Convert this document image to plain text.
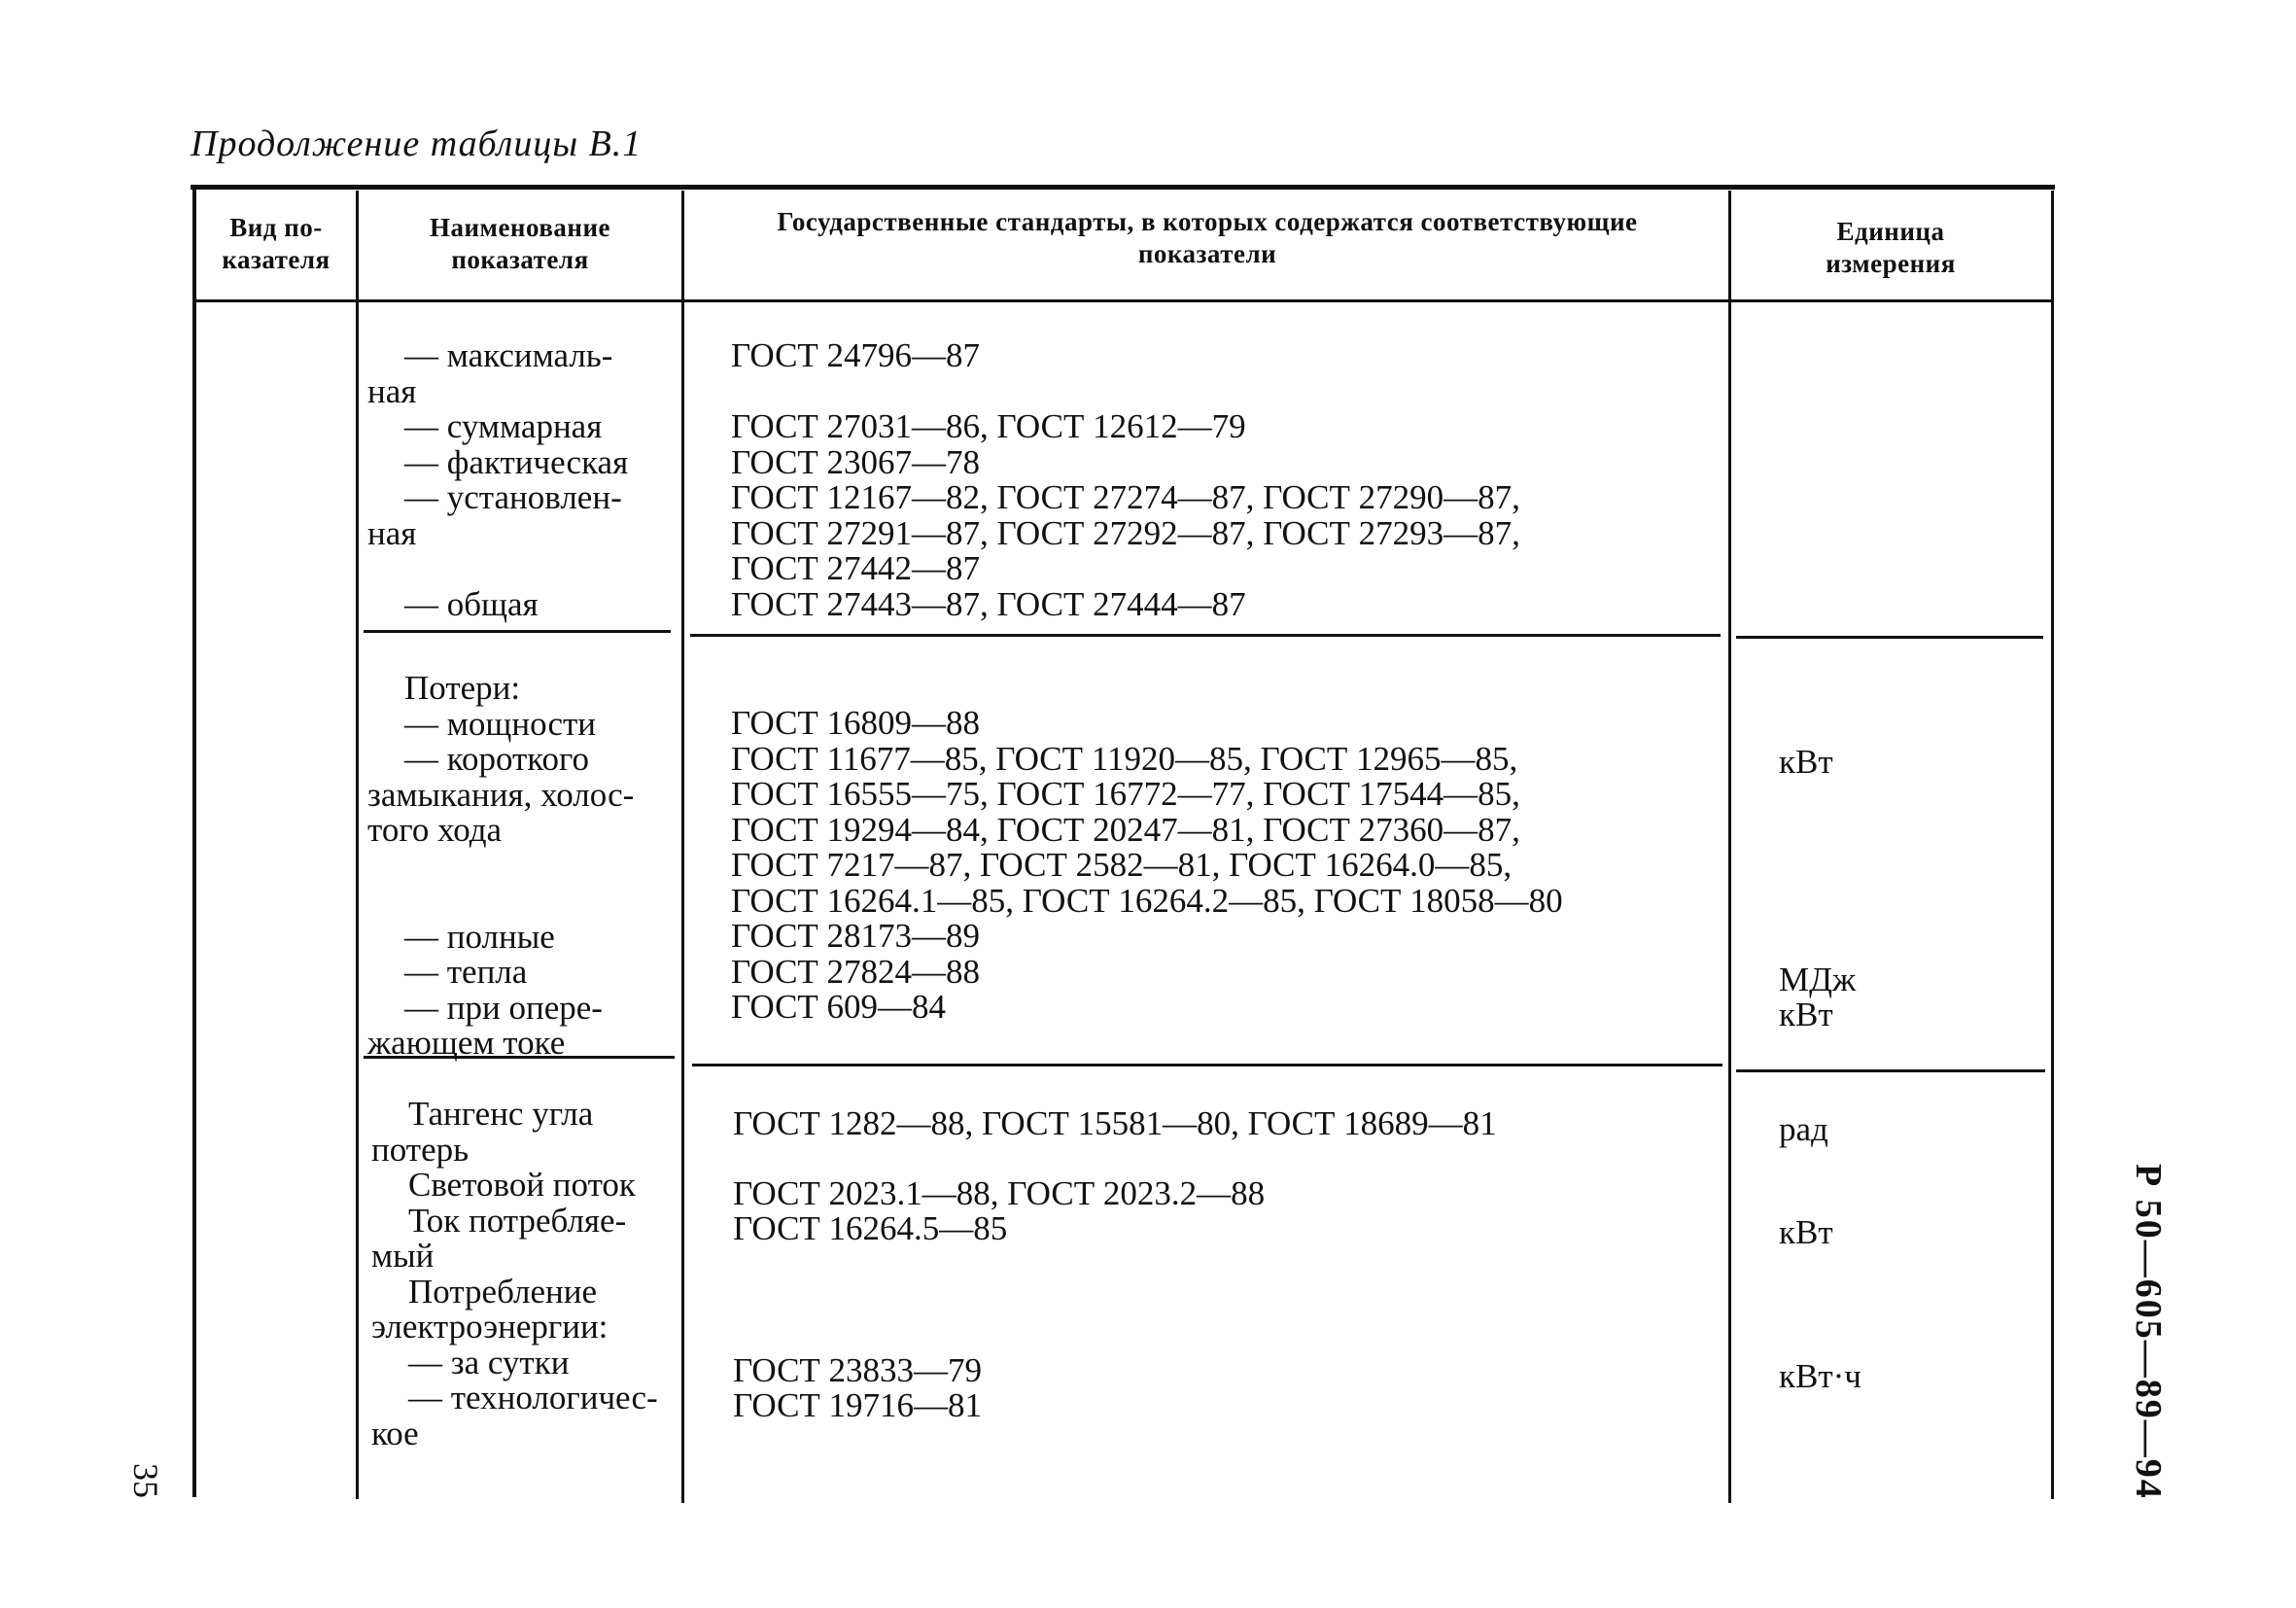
Продолжение таблицы В.1
Вид по-
казателя
Наименование
показателя
Государственные стандарты, в которых содержатся соответствующие
показатели
Единица
измерения
— максималь-
ная
— суммарная
— фактическая
— установлен-
ная

— общая
ГОСТ 24796—87

ГОСТ 27031—86, ГОСТ 12612—79
ГОСТ 23067—78
ГОСТ 12167—82, ГОСТ 27274—87, ГОСТ 27290—87,
ГОСТ 27291—87, ГОСТ 27292—87, ГОСТ 27293—87,
ГОСТ 27442—87
ГОСТ 27443—87, ГОСТ 27444—87
Потери:
— мощности
— короткого
замыкания, холос-
того хода

— полные
— тепла
— при опере-
жающем токе
ГОСТ 16809—88
ГОСТ 11677—85, ГОСТ 11920—85, ГОСТ 12965—85,
ГОСТ 16555—75, ГОСТ 16772—77, ГОСТ 17544—85,
ГОСТ 19294—84, ГОСТ 20247—81, ГОСТ 27360—87,
ГОСТ 7217—87, ГОСТ 2582—81, ГОСТ 16264.0—85,
ГОСТ 16264.1—85, ГОСТ 16264.2—85, ГОСТ 18058—80
ГОСТ 28173—89
ГОСТ 27824—88
ГОСТ 609—84
кВт
МДж
кВт
Тангенс угла
потерь
Световой поток
Ток потребляе-
мый
Потребление
электроэнергии:
— за сутки
— технологичес-
кое
ГОСТ 1282—88, ГОСТ 15581—80, ГОСТ 18689—81
ГОСТ 2023.1—88, ГОСТ 2023.2—88
ГОСТ 16264.5—85
ГОСТ 23833—79
ГОСТ 19716—81
рад
кВт
кВт·ч	Р 50—605—89—94
35
